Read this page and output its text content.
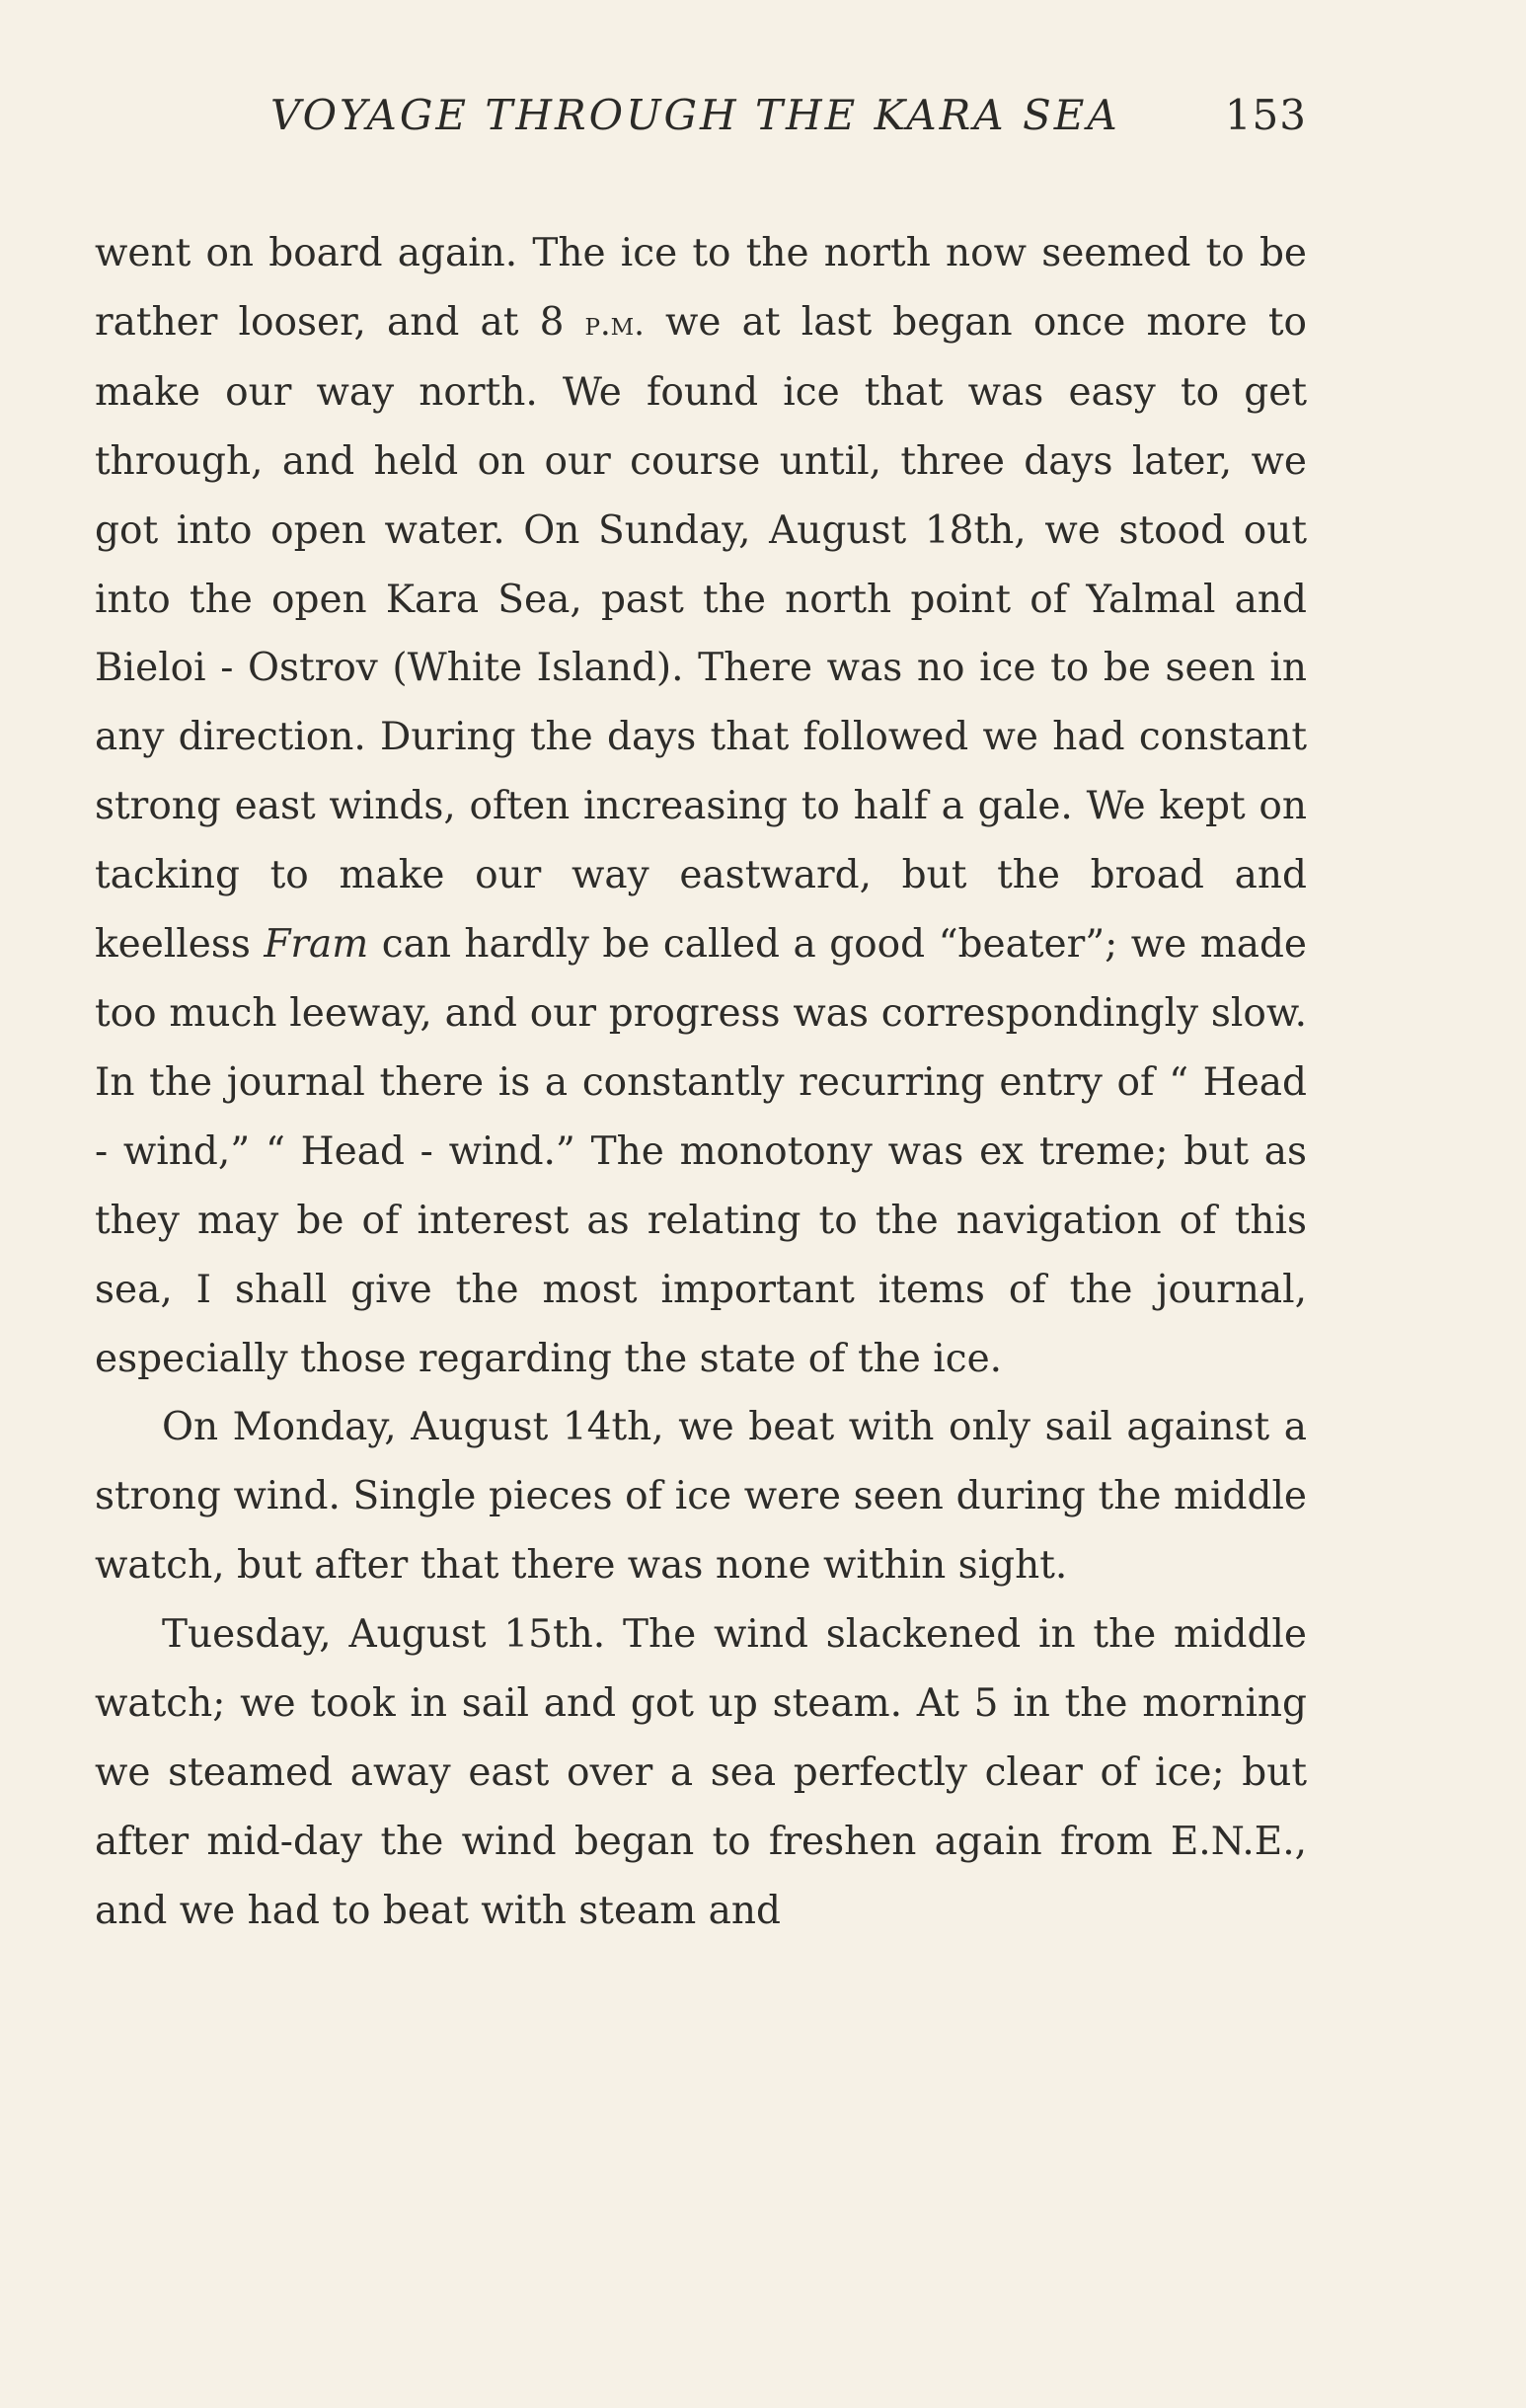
VOYAGE THROUGH THE KARA SEA	153

went on board again. The ice to the north now seemed to be rather looser, and at 8 p.m. we at last began once more to make our way north. We found ice that was easy to get through, and held on our course until, three days later, we got into open water. On Sunday, August 18th, we stood out into the open Kara Sea, past the north point of Yalmal and Bieloi - Ostrov (White Island). There was no ice to be seen in any direction. During the days that followed we had constant strong east winds, often increasing to half a gale. We kept on tacking to make our way eastward, but the broad and keelless Fram can hardly be called a good “beater”; we made too much leeway, and our progress was correspondingly slow. In the journal there is a constantly recurring entry of “ Head - wind,” “ Head - wind.” The monotony was ex treme; but as they may be of interest as relating to the navigation of this sea, I shall give the most important items of the journal, especially those regarding the state of the ice.

On Monday, August 14th, we beat with only sail against a strong wind. Single pieces of ice were seen during the middle watch, but after that there was none within sight.

Tuesday, August 15th. The wind slackened in the middle watch; we took in sail and got up steam. At 5 in the morning we steamed away east over a sea perfectly clear of ice; but after mid-day the wind began to freshen again from E.N.E., and we had to beat with steam and
